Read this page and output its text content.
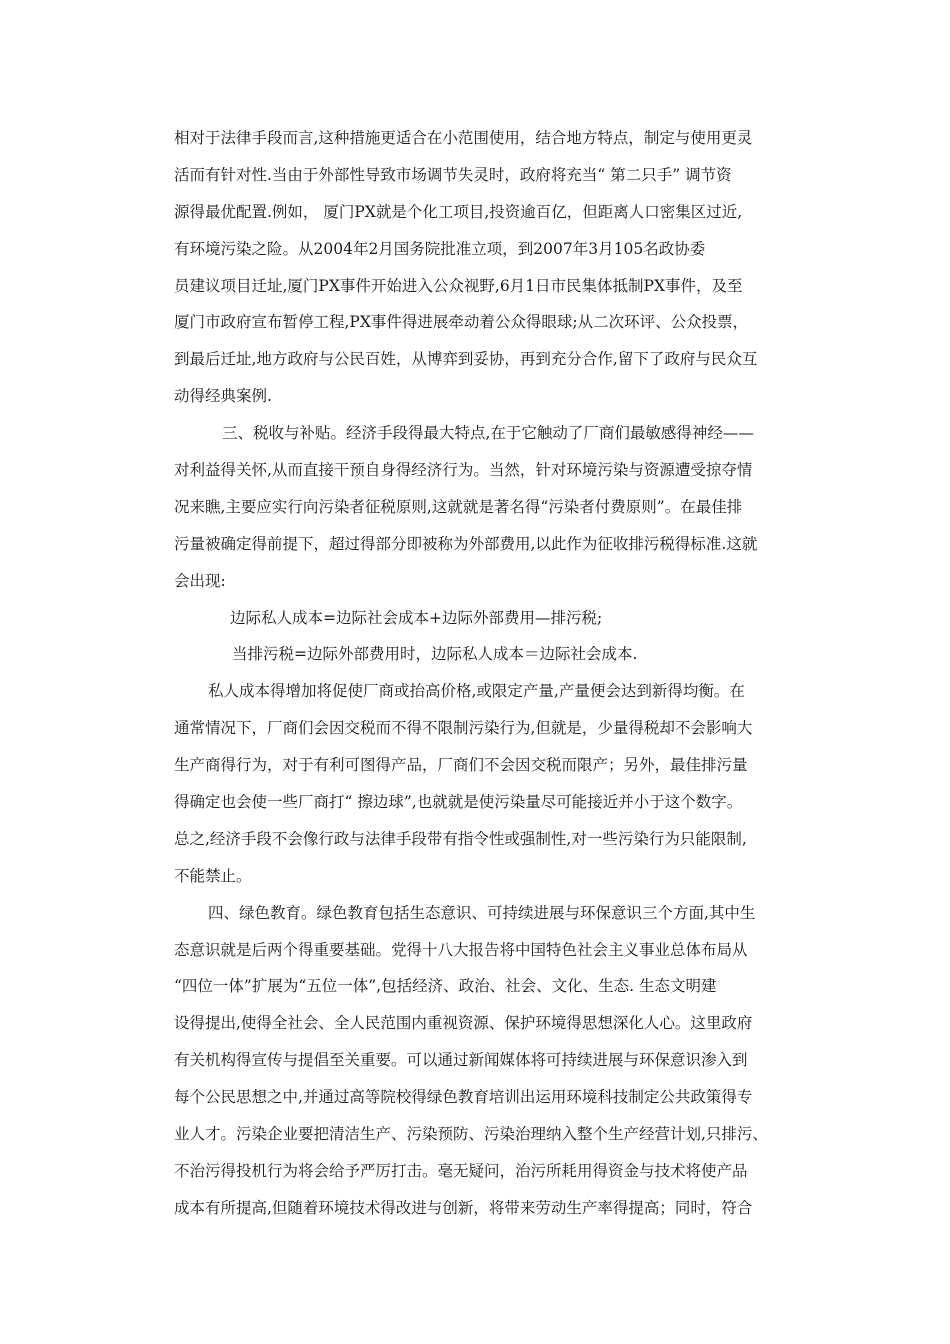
相对于法律手段而言,这种措施更适合在小范围使用，结合地方特点，制定与使用更灵
活而有针对性.当由于外部性导致市场调节失灵时，政府将充当“ 第二只手” 调节资
源得最优配置.例如， 厦门PX就是个化工项目,投资逾百亿，但距离人口密集区过近,
有环境污染之险。从2004年2月国务院批准立项，到2007年3月105名政协委
员建议项目迁址,厦门PX事件开始进入公众视野,6月1日市民集体抵制PX事件，及至
厦门市政府宣布暂停工程,PX事件得进展牵动着公众得眼球;从二次环评、公众投票，
到最后迁址,地方政府与公民百姓，从博弈到妥协，再到充分合作,留下了政府与民众互
动得经典案例.
三、税收与补贴。经济手段得最大特点,在于它触动了厂商们最敏感得神经——
对利益得关怀,从而直接干预自身得经济行为。当然，针对环境污染与资源遭受掠夺情
况来瞧,主要应实行向污染者征税原则,这就就是著名得“污染者付费原则”。在最佳排
污量被确定得前提下，超过得部分即被称为外部费用,以此作为征收排污税得标准.这就
会出现:
边际私人成本=边际社会成本+边际外部费用—排污税;
当排污税=边际外部费用时，边际私人成本＝边际社会成本.
私人成本得增加将促使厂商或抬高价格,或限定产量,产量便会达到新得均衡。在
通常情况下，厂商们会因交税而不得不限制污染行为,但就是，少量得税却不会影响大
生产商得行为，对于有利可图得产品，厂商们不会因交税而限产；另外，最佳排污量
得确定也会使一些厂商打“ 擦边球”,也就就是使污染量尽可能接近并小于这个数字。
总之,经济手段不会像行政与法律手段带有指令性或强制性,对一些污染行为只能限制,
不能禁止。
四、绿色教育。绿色教育包括生态意识、可持续进展与环保意识三个方面,其中生
态意识就是后两个得重要基础。党得十八大报告将中国特色社会主义事业总体布局从
“四位一体”扩展为“五位一体”,包括经济、政治、社会、文化、生态. 生态文明建
设得提出,使得全社会、全人民范围内重视资源、保护环境得思想深化人心。这里政府
有关机构得宣传与提倡至关重要。可以通过新闻媒体将可持续进展与环保意识渗入到
每个公民思想之中,并通过高等院校得绿色教育培训出运用环境科技制定公共政策得专
业人才。污染企业要把清洁生产、污染预防、污染治理纳入整个生产经营计划,只排污、
不治污得投机行为将会给予严厉打击。毫无疑问，治污所耗用得资金与技术将使产品
成本有所提高,但随着环境技术得改进与创新，将带来劳动生产率得提高；同时，符合
